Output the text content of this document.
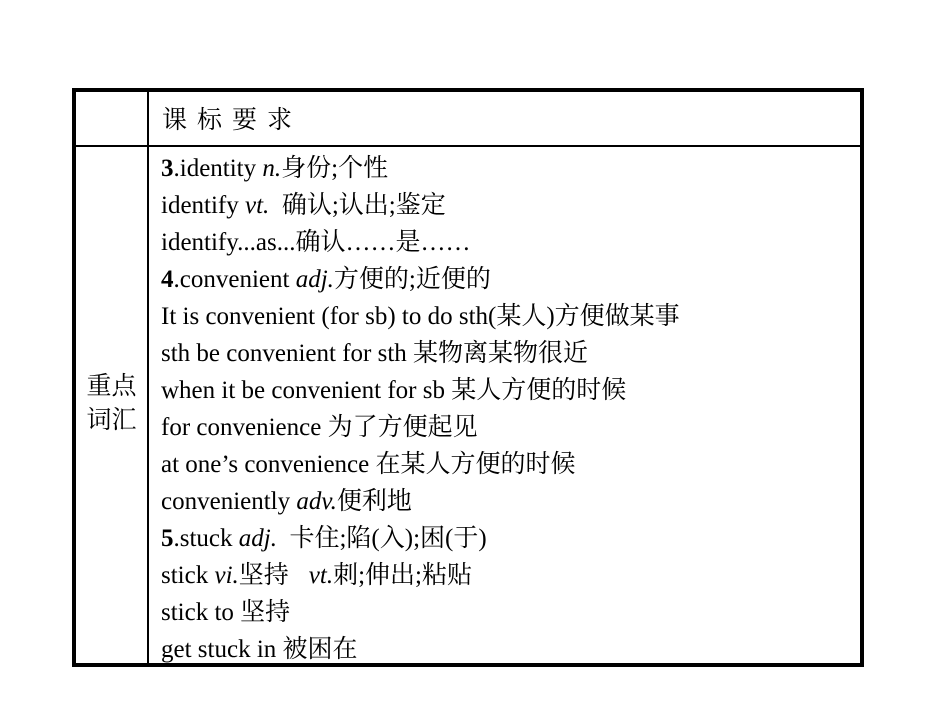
课标要求
重点
词汇
3.identity n.身份;个性
identify vt.  确认;认出;鉴定
identify...as...确认……是……
4.convenient adj.方便的;近便的
It is convenient (for sb) to do sth(某人)方便做某事
sth be convenient for sth 某物离某物很近
when it be convenient for sb 某人方便的时候
for convenience 为了方便起见
at one’s convenience 在某人方便的时候
conveniently adv.便利地
5.stuck adj.  卡住;陷(入);困(于)
stick vi.坚持 vt.刺;伸出;粘贴
stick to 坚持
get stuck in 被困在
